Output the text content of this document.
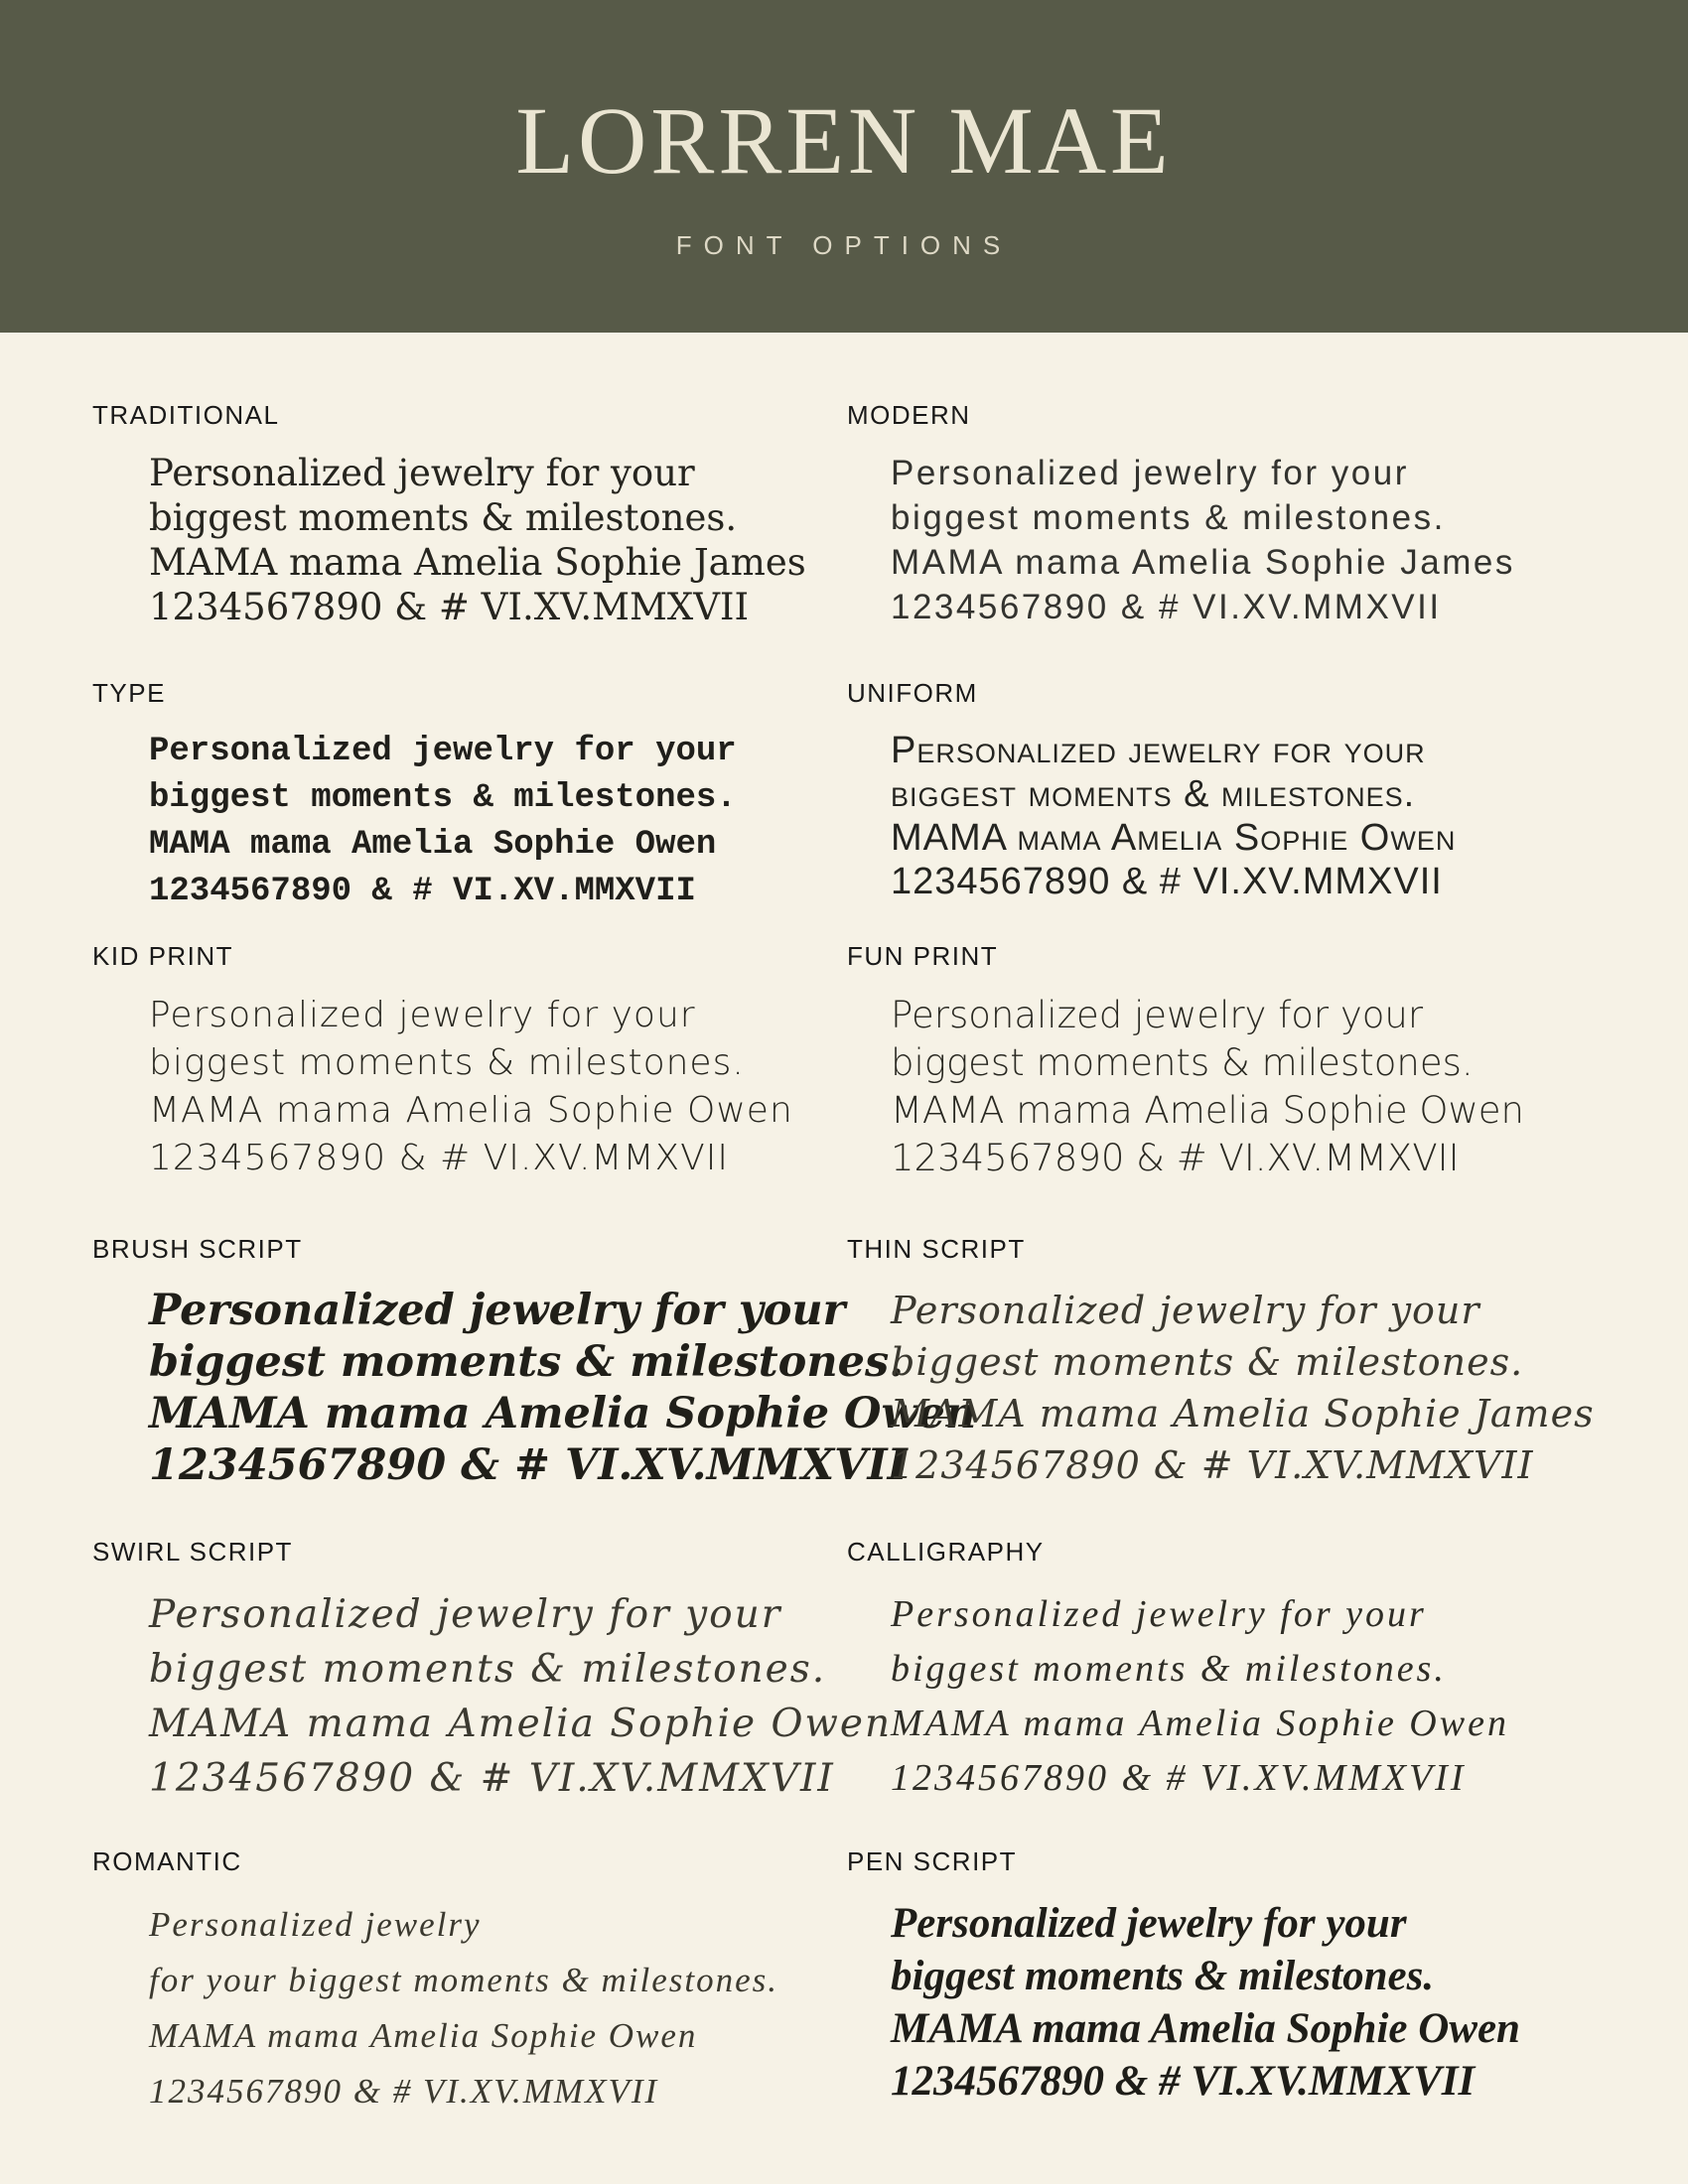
LORREN MAE
FONT OPTIONS
TRADITIONAL
Personalized jewelry for your
biggest moments & milestones.
MAMA mama Amelia Sophie James
1234567890 & # VI.XV.MMXVII
MODERN
Personalized jewelry for your
biggest moments & milestones.
MAMA mama Amelia Sophie James
1234567890 & # VI.XV.MMXVII
TYPE
Personalized jewelry for your
biggest moments & milestones.
MAMA mama Amelia Sophie Owen
1234567890 & # VI.XV.MMXVII
UNIFORM
Personalized jewelry for your
biggest moments & milestones.
MAMA mama Amelia Sophie Owen
1234567890 & # VI.XV.MMXVII
KID PRINT
Personalized jewelry for your
biggest moments & milestones.
MAMA mama Amelia Sophie Owen
1234567890 & # VI.XV.MMXVII
FUN PRINT
Personalized jewelry for your
biggest moments & milestones.
MAMA mama Amelia Sophie Owen
1234567890 & # VI.XV.MMXVII
BRUSH SCRIPT
Personalized jewelry for your
biggest moments & milestones.
MAMA mama Amelia Sophie Owen
1234567890 & # VI.XV.MMXVII
THIN SCRIPT
Personalized jewelry for your
biggest moments & milestones.
MAMA mama Amelia Sophie James
1234567890 & # VI.XV.MMXVII
SWIRL SCRIPT
Personalized jewelry for your
biggest moments & milestones.
MAMA mama Amelia Sophie Owen
1234567890 & # VI.XV.MMXVII
CALLIGRAPHY
Personalized jewelry for your
biggest moments & milestones.
MAMA mama Amelia Sophie Owen
1234567890 & # VI.XV.MMXVII
ROMANTIC
Personalized jewelry
for your biggest moments & milestones.
MAMA mama Amelia Sophie Owen
1234567890 & # VI.XV.MMXVII
PEN SCRIPT
Personalized jewelry for your
biggest moments & milestones.
MAMA mama Amelia Sophie Owen
1234567890 & # VI.XV.MMXVII
